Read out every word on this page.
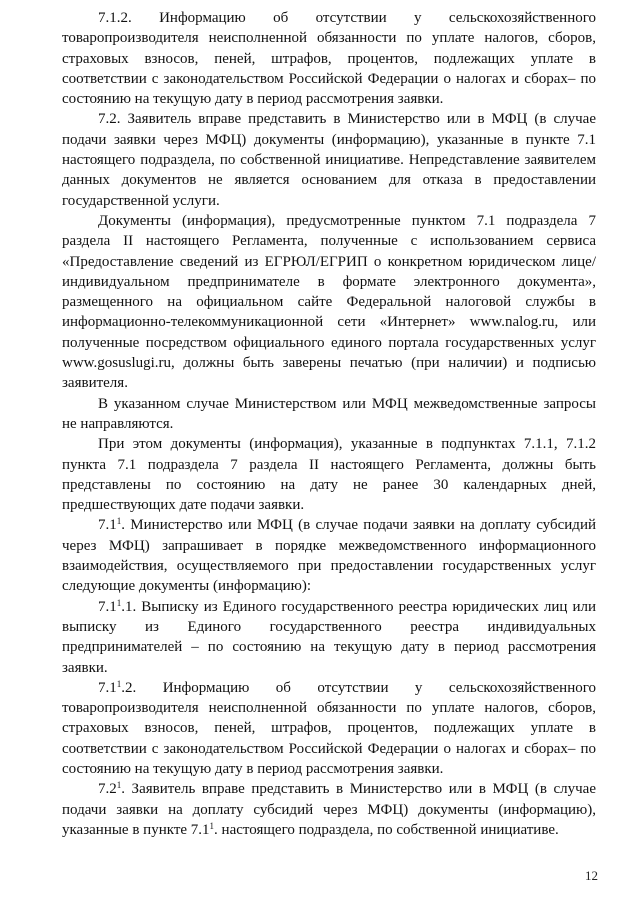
7.1.2. Информацию об отсутствии у сельскохозяйственного товаропроизводителя неисполненной обязанности по уплате налогов, сборов, страховых взносов, пеней, штрафов, процентов, подлежащих уплате в соответствии с законодательством Российской Федерации о налогах и сборах– по состоянию на текущую дату в период рассмотрения заявки.

7.2. Заявитель вправе представить в Министерство или в МФЦ (в случае подачи заявки через МФЦ) документы (информацию), указанные в пункте 7.1 настоящего подраздела, по собственной инициативе. Непредставление заявителем данных документов не является основанием для отказа в предоставлении государственной услуги.

Документы (информация), предусмотренные пунктом 7.1 подраздела 7 раздела II настоящего Регламента, полученные с использованием сервиса «Предоставление сведений из ЕГРЮЛ/ЕГРИП о конкретном юридическом лице/индивидуальном предпринимателе в формате электронного документа», размещенного на официальном сайте Федеральной налоговой службы в информационно-телекоммуникационной сети «Интернет» www.nalog.ru, или полученные посредством официального единого портала государственных услуг www.gosuslugi.ru, должны быть заверены печатью (при наличии) и подписью заявителя.

В указанном случае Министерством или МФЦ межведомственные запросы не направляются.

При этом документы (информация), указанные в подпунктах 7.1.1, 7.1.2 пункта 7.1 подраздела 7 раздела II настоящего Регламента, должны быть представлены по состоянию на дату не ранее 30 календарных дней, предшествующих дате подачи заявки.

$7.1^1$. Министерство или МФЦ (в случае подачи заявки на доплату субсидий через МФЦ) запрашивает в порядке межведомственного информационного взаимодействия, осуществляемого при предоставлении государственных услуг следующие документы (информацию):

$7.1^1.1$. Выписку из Единого государственного реестра юридических лиц или выписку из Единого государственного реестра индивидуальных предпринимателей – по состоянию на текущую дату в период рассмотрения заявки.

$7.1^1.2$. Информацию об отсутствии у сельскохозяйственного товаропроизводителя неисполненной обязанности по уплате налогов, сборов, страховых взносов, пеней, штрафов, процентов, подлежащих уплате в соответствии с законодательством Российской Федерации о налогах и сборах– по состоянию на текущую дату в период рассмотрения заявки.

$7.2^1$. Заявитель вправе представить в Министерство или в МФЦ (в случае подачи заявки на доплату субсидий через МФЦ) документы (информацию), указанные в пункте $7.1^1$. настоящего подраздела, по собственной инициативе.

12
